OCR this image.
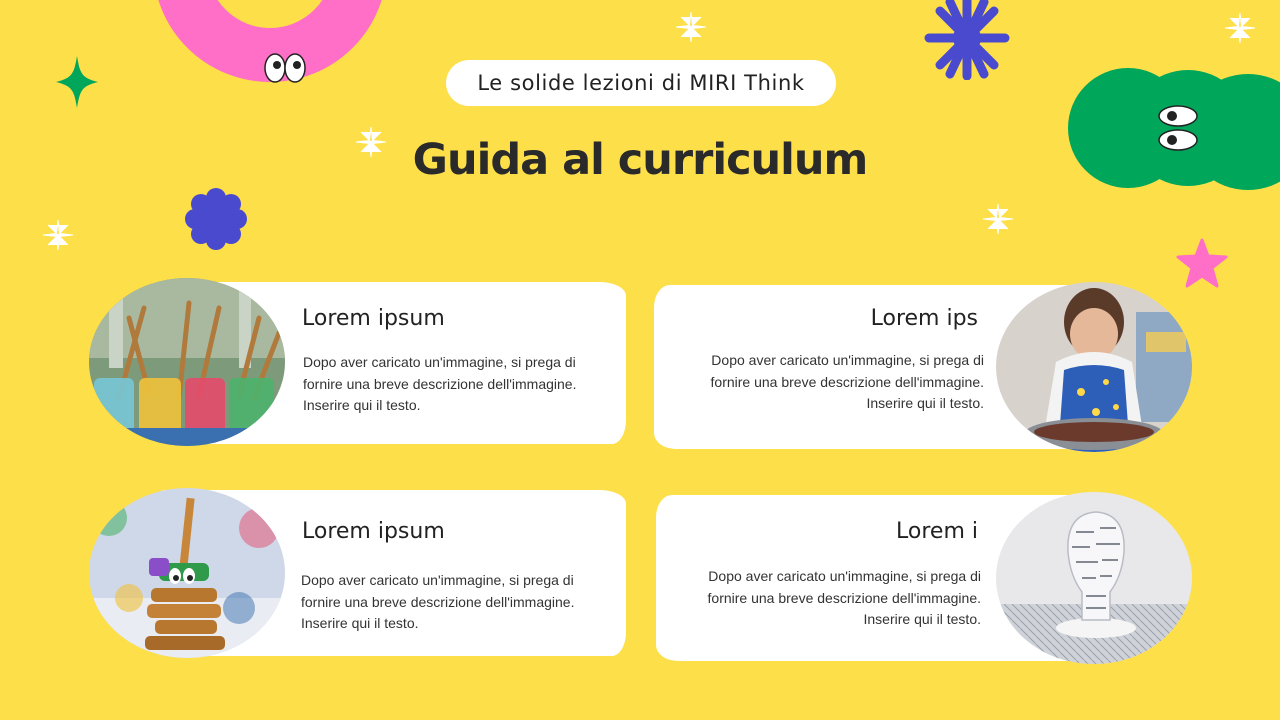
Le solide lezioni di MIRI Think
Guida al curriculum
Lorem ipsum
Dopo aver caricato un'immagine, si prega di fornire una breve descrizione dell'immagine. Inserire qui il testo.
Lorem ips
Dopo aver caricato un'immagine, si prega di fornire una breve descrizione dell'immagine. Inserire qui il testo.
Lorem ipsum
Dopo aver caricato un'immagine, si prega di fornire una breve descrizione dell'immagine. Inserire qui il testo.
Lorem i
Dopo aver caricato un'immagine, si prega di fornire una breve descrizione dell'immagine. Inserire qui il testo.
